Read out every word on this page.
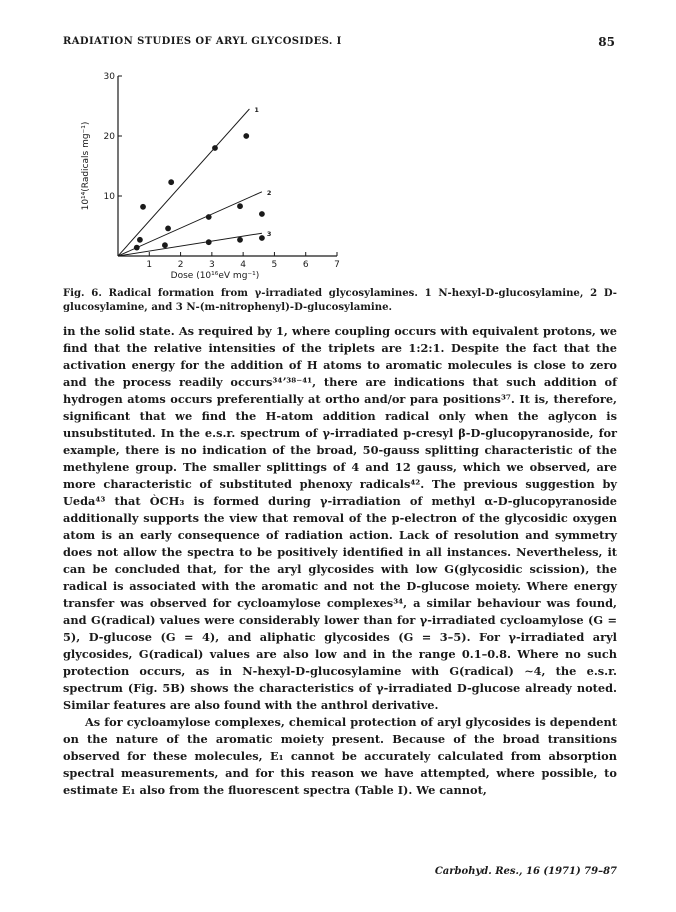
RADIATION STUDIES OF ARYL GLYCOSIDES. I	85
1	2	3	4	5	6	7
10
20
30
Dose (10¹⁶eV mg⁻¹)
10¹⁴(Radicals mg⁻¹)
1
2
3
Fig. 6. Radical formation from γ-irradiated glycosylamines. 1 N-hexyl-D-glucosylamine, 2 D-glucosylamine, and 3 N-(m-nitrophenyl)-D-glucosylamine.

in the solid state. As required by 1, where coupling occurs with equivalent protons, we find that the relative intensities of the triplets are 1:2:1. Despite the fact that the activation energy for the addition of H atoms to aromatic molecules is close to zero and the process readily occurs³⁴ʼ³⁸⁻⁴¹, there are indications that such addition of hydrogen atoms occurs preferentially at ortho and/or para positions³⁷. It is, therefore, significant that we find the H-atom addition radical only when the aglycon is unsubstituted. In the e.s.r. spectrum of γ-irradiated p-cresyl β-D-glucopyranoside, for example, there is no indication of the broad, 50-gauss splitting characteristic of the methylene group. The smaller splittings of 4 and 12 gauss, which we observed, are more characteristic of substituted phenoxy radicals⁴². The previous suggestion by Ueda⁴³ that ÒCH₃ is formed during γ-irradiation of methyl α-D-glucopyranoside additionally supports the view that removal of the p-electron of the glycosidic oxygen atom is an early consequence of radiation action. Lack of resolution and symmetry does not allow the spectra to be positively identified in all instances. Nevertheless, it can be concluded that, for the aryl glycosides with low G(glycosidic scission), the radical is associated with the aromatic and not the D-glucose moiety. Where energy transfer was observed for cycloamylose complexes³⁴, a similar behaviour was found, and G(radical) values were considerably lower than for γ-irradiated cycloamylose (G = 5), D-glucose (G = 4), and aliphatic glycosides (G = 3–5). For γ-irradiated aryl glycosides, G(radical) values are also low and in the range 0.1–0.8. Where no such protection occurs, as in N-hexyl-D-glucosylamine with G(radical) ∼4, the e.s.r. spectrum (Fig. 5B) shows the characteristics of γ-irradiated D-glucose already noted. Similar features are also found with the anthrol derivative.

As for cycloamylose complexes, chemical protection of aryl glycosides is dependent on the nature of the aromatic moiety present. Because of the broad transitions observed for these molecules, E₁ cannot be accurately calculated from absorption spectral measurements, and for this reason we have attempted, where possible, to estimate E₁ also from the fluorescent spectra (Table I). We cannot,

Carbohyd. Res., 16 (1971) 79–87
